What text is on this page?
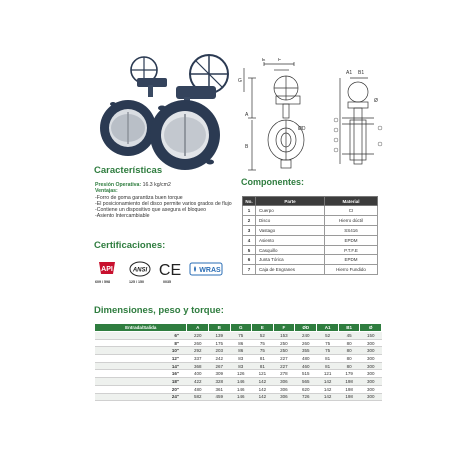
E	F
G
A
B
ØD
A1 B1
Ø
Características
Presión Operativa: 16.3 kg/cm2
Ventajas:
-Forro de goma garantiza buen torque
-El posicionamiento del disco permite varios grados de flujo
-Contiene un dispositivo que asegura el bloqueo
-Asiento Intercambiable
Certificaciones:
API
609 / 598
ANSI
125 / 150
CE
0035
WRAS
Componentes:
No.	Parte	Material
1	Cuerpo	CI
2	Disco	Hierro dúctil
3	Vastago	SS416
4	Asiento	EPDM
5	Casquillo	P.T.F.E
6	Junta Tórica	EPDM
7	Caja de Engranes	Hierro Fundido
Dimensiones, peso y torque:
Entrada/Salida	A	B	G	E	F	ØD	A1	B1	Ø
6"	220	139	75	52	153	240	52	45	150
8"	260	175	86	75	250	260	75	80	300
10"	292	203	86	75	250	355	75	80	300
12"	337	242	83	81	227	480	81	80	300
14"	368	267	83	81	227	460	81	80	300
16"	400	309	126	121	278	515	121	179	300
18"	422	328	146	142	306	565	142	198	300
20"	480	361	146	142	306	620	142	198	300
24"	582	459	146	142	306	726	142	198	300
